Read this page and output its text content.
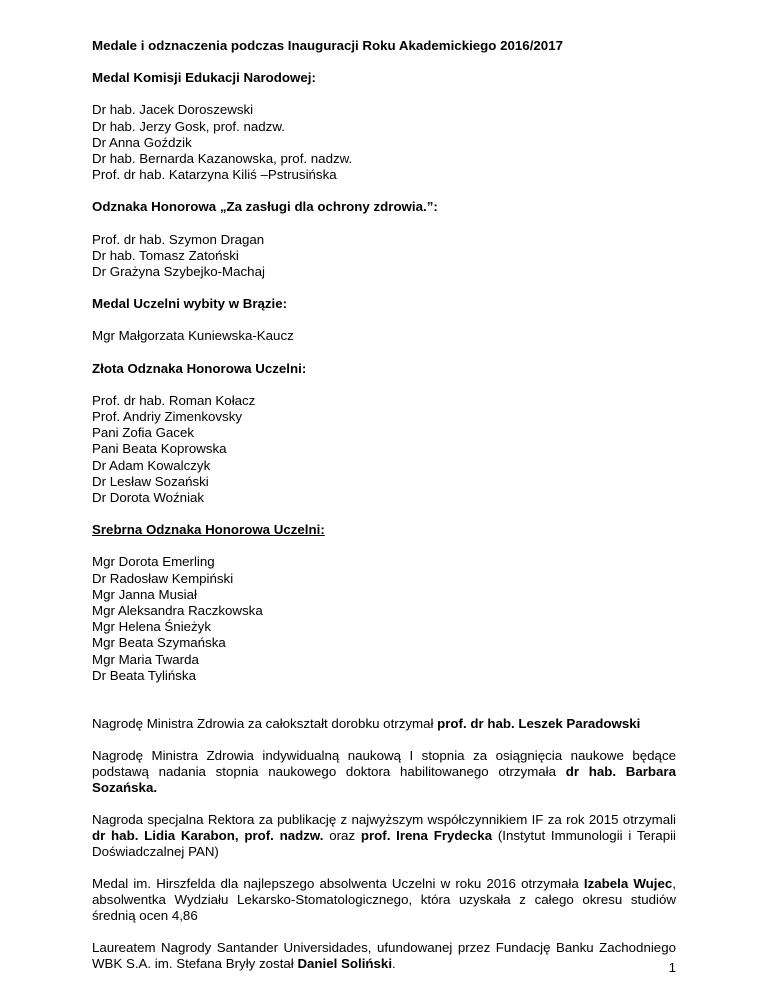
Medale i odznaczenia podczas Inauguracji Roku Akademickiego 2016/2017
Medal Komisji Edukacji Narodowej:
Dr hab. Jacek Doroszewski
Dr hab. Jerzy Gosk, prof. nadzw.
Dr Anna Goździk
Dr hab. Bernarda Kazanowska, prof. nadzw.
Prof. dr hab. Katarzyna Kiliś –Pstrusińska
Odznaka Honorowa „Za zasługi dla ochrony zdrowia.”:
Prof. dr hab. Szymon Dragan
Dr hab. Tomasz Zatoński
Dr Grażyna Szybejko-Machaj
Medal Uczelni wybity w Brązie:
Mgr Małgorzata Kuniewska-Kaucz
Złota Odznaka Honorowa Uczelni:
Prof. dr hab. Roman Kołacz
Prof. Andriy Zimenkovsky
Pani Zofia Gacek
Pani Beata Koprowska
Dr Adam Kowalczyk
Dr Lesław Sozański
Dr Dorota Woźniak
Srebrna Odznaka Honorowa Uczelni:
Mgr Dorota Emerling
Dr Radosław Kempiński
Mgr Janna Musiał
Mgr Aleksandra Raczkowska
Mgr Helena Śnieżyk
Mgr Beata Szymańska
Mgr Maria Twarda
Dr Beata Tylińska

Nagrodę Ministra Zdrowia za całokształt dorobku otrzymał prof. dr hab. Leszek Paradowski

Nagrodę Ministra Zdrowia indywidualną naukową I stopnia za osiągnięcia naukowe będące podstawą nadania stopnia naukowego doktora habilitowanego otrzymała dr hab. Barbara Sozańska.

Nagroda specjalna Rektora za publikację z najwyższym współczynnikiem IF za rok 2015 otrzymali dr hab. Lidia Karabon, prof. nadzw. oraz prof. Irena Frydecka (Instytut Immunologii i Terapii Doświadczalnej PAN)

Medal im. Hirszfelda dla najlepszego absolwenta Uczelni w roku 2016 otrzymała Izabela Wujec, absolwentka Wydziału Lekarsko-Stomatologicznego, która uzyskała z całego okresu studiów średnią ocen 4,86

Laureatem Nagrody Santander Universidades, ufundowanej przez Fundację Banku Zachodniego WBK S.A. im. Stefana Bryły został Daniel Soliński.	1
